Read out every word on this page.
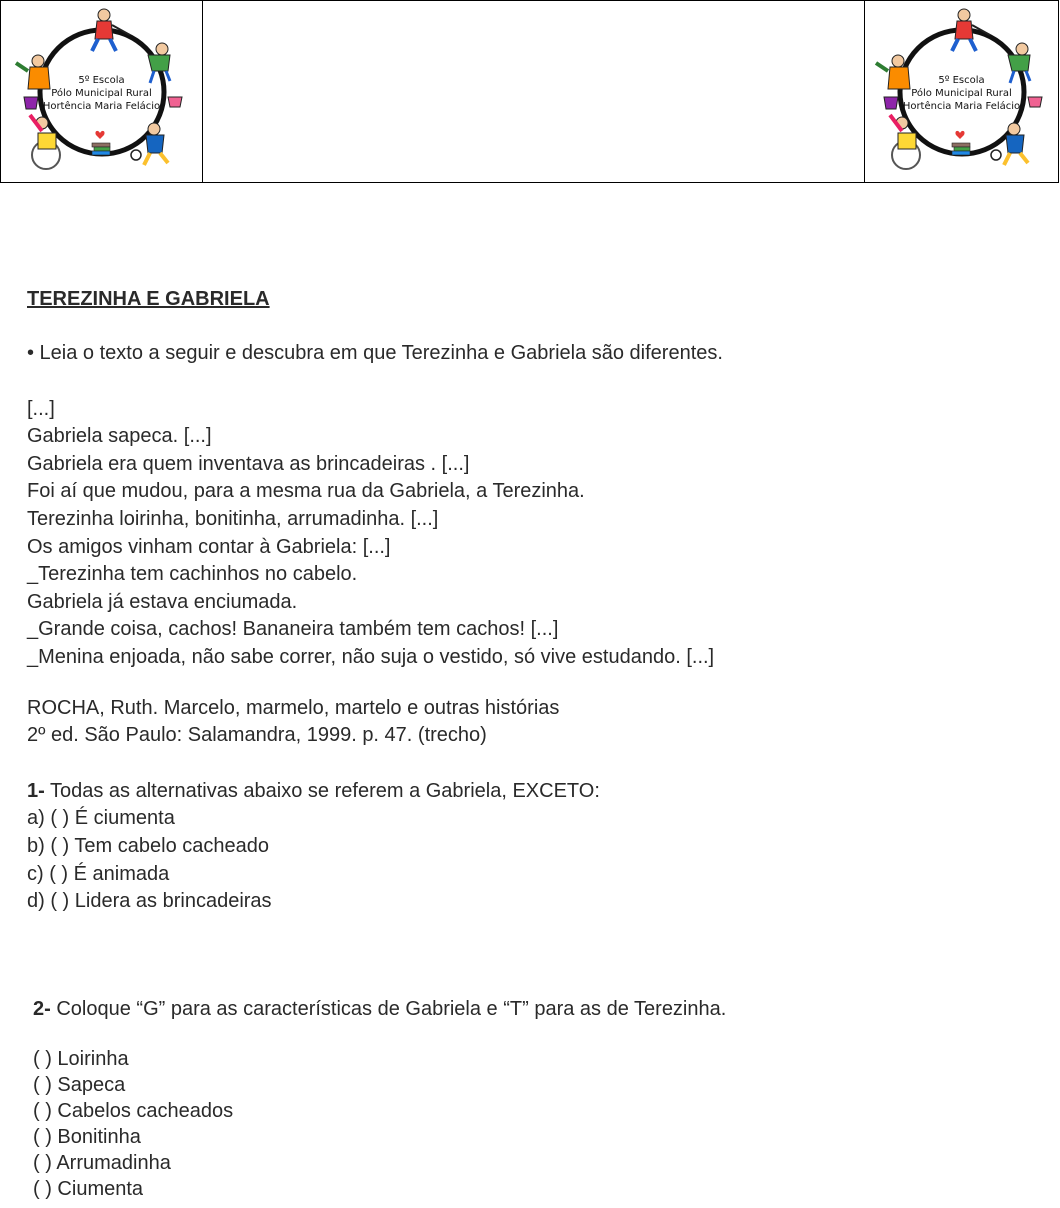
5º Escola
Pólo Municipal Rural
Hortência Maria Felácio
5º Escola
Pólo Municipal Rural
Hortência Maria Felácio
TEREZINHA E GABRIELA
• Leia o texto a seguir e descubra em que Terezinha e Gabriela são diferentes.
[...]
Gabriela sapeca. [...]
Gabriela era quem inventava as brincadeiras . [...]
Foi aí que mudou, para a mesma rua da Gabriela, a Terezinha.
Terezinha loirinha, bonitinha, arrumadinha. [...]
Os amigos vinham contar à Gabriela: [...]
_Terezinha tem cachinhos no cabelo.
Gabriela já estava enciumada.
_Grande coisa, cachos! Bananeira também tem cachos! [...]
_Menina enjoada, não sabe correr, não suja o vestido, só vive estudando. [...]
ROCHA, Ruth. Marcelo, marmelo, martelo e outras histórias
2º ed. São Paulo: Salamandra, 1999. p. 47. (trecho)
1- Todas as alternativas abaixo se referem a Gabriela, EXCETO:
a) ( ) É ciumenta
b) ( ) Tem cabelo cacheado
c) ( ) É animada
d) ( ) Lidera as brincadeiras
2- Coloque “G” para as características de Gabriela e “T” para as de Terezinha.
( ) Loirinha
( ) Sapeca
( ) Cabelos cacheados
( ) Bonitinha
( ) Arrumadinha
( ) Ciumenta
